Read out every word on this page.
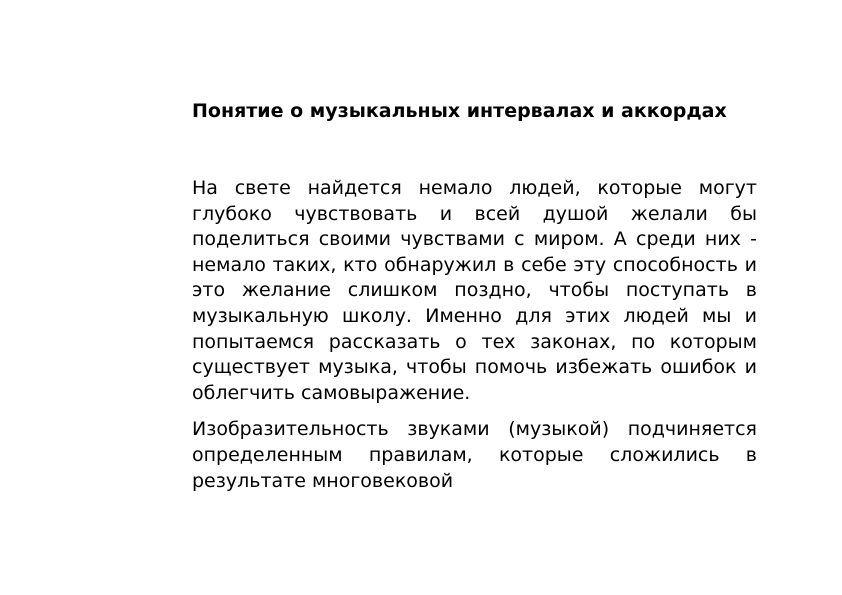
Понятие о музыкальных интервалах и аккордах

На свете найдется немало людей, которые могут глубоко чувствовать и всей душой желали бы поделиться своими чувствами с миром. А среди них - немало таких, кто обнаружил в себе эту способность и это желание слишком поздно, чтобы поступать в музыкальную школу. Именно для этих людей мы и попытаемся рассказать о тех законах, по которым существует музыка, чтобы помочь избежать ошибок и облегчить самовыражение.

Изобразительность звуками (музыкой) подчиняется определенным правилам, которые сложились в результате многовековой
